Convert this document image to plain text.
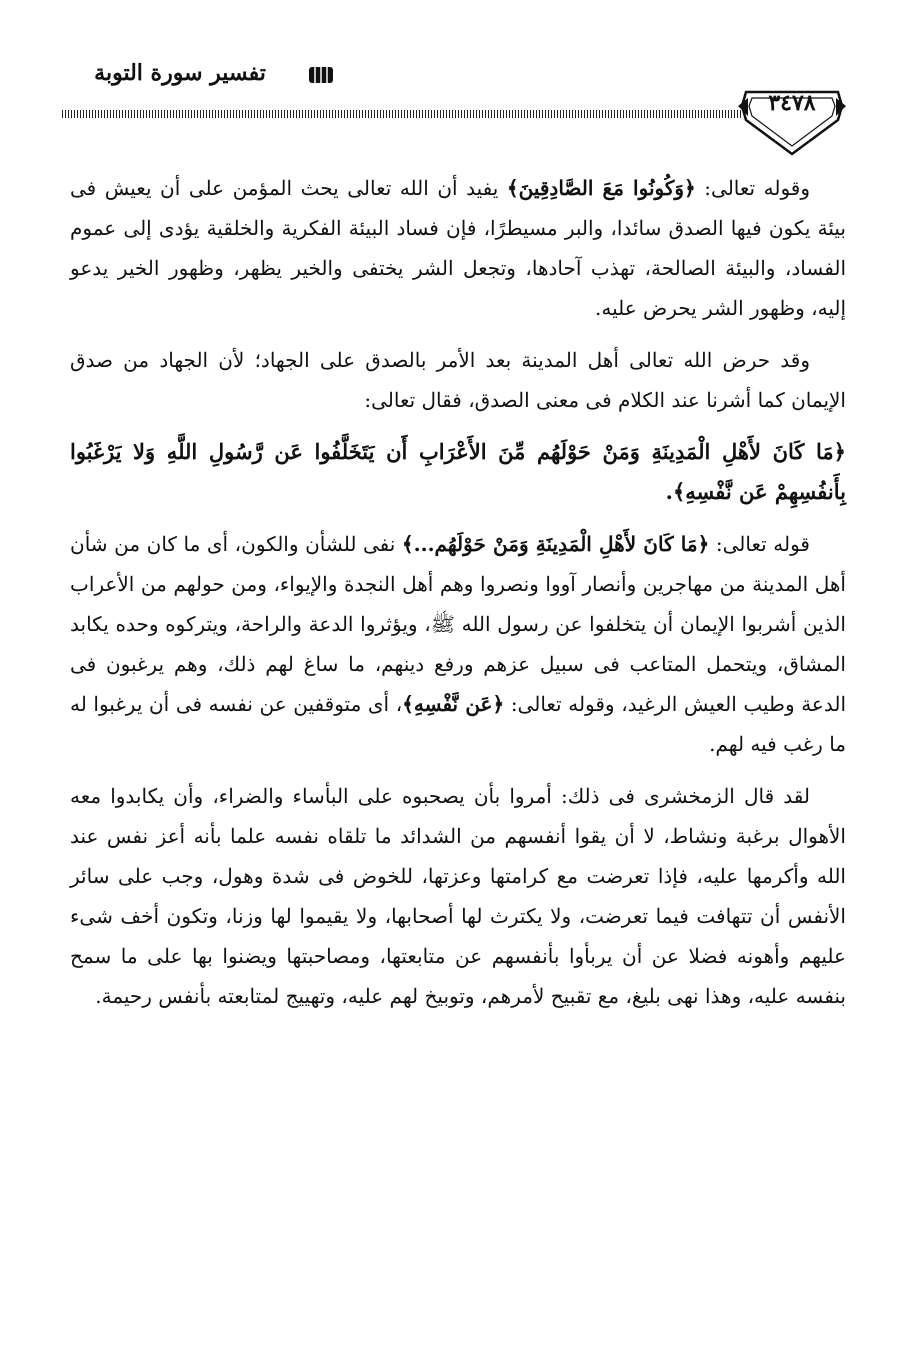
تفسير سورة التوبة
٣٤٧٨

وقوله تعالى: ﴿وَكُونُوا مَعَ الصَّادِقِينَ﴾ يفيد أن الله تعالى يحث المؤمن على أن يعيش فى بيئة يكون فيها الصدق سائدا، والبر مسيطرًا، فإن فساد البيئة الفكرية والخلقية يؤدى إلى عموم الفساد، والبيئة الصالحة، تهذب آحادها، وتجعل الشر يختفى والخير يظهر، وظهور الخير يدعو إليه، وظهور الشر يحرض عليه.

وقد حرض الله تعالى أهل المدينة بعد الأمر بالصدق على الجهاد؛ لأن الجهاد من صدق الإيمان كما أشرنا عند الكلام فى معنى الصدق، فقال تعالى:

﴿مَا كَانَ لأَهْلِ الْمَدِينَةِ وَمَنْ حَوْلَهُم مِّنَ الأَعْرَابِ أَن يَتَخَلَّفُوا عَن رَّسُولِ اللَّهِ وَلا يَرْغَبُوا بِأَنفُسِهِمْ عَن نَّفْسِهِ﴾.

قوله تعالى: ﴿مَا كَانَ لأَهْلِ الْمَدِينَةِ وَمَنْ حَوْلَهُم...﴾ نفى للشأن والكون، أى ما كان من شأن أهل المدينة من مهاجرين وأنصار آووا ونصروا وهم أهل النجدة والإيواء، ومن حولهم من الأعراب الذين أشربوا الإيمان أن يتخلفوا عن رسول الله ﷺ، ويؤثروا الدعة والراحة، ويتركوه وحده يكابد المشاق، ويتحمل المتاعب فى سبيل عزهم ورفع دينهم، ما ساغ لهم ذلك، وهم يرغبون فى الدعة وطيب العيش الرغيد، وقوله تعالى: ﴿عَن نَّفْسِهِ﴾، أى متوقفين عن نفسه فى أن يرغبوا له ما رغب فيه لهم.

لقد قال الزمخشرى فى ذلك: أمروا بأن يصحبوه على البأساء والضراء، وأن يكابدوا معه الأهوال برغبة ونشاط، لا أن يقوا أنفسهم من الشدائد ما تلقاه نفسه علما بأنه أعز نفس عند الله وأكرمها عليه، فإذا تعرضت مع كرامتها وعزتها، للخوض فى شدة وهول، وجب على سائر الأنفس أن تتهافت فيما تعرضت، ولا يكترث لها أصحابها، ولا يقيموا لها وزنا، وتكون أخف شىء عليهم وأهونه فضلا عن أن يربأوا بأنفسهم عن متابعتها، ومصاحبتها ويضنوا بها على ما سمح بنفسه عليه، وهذا نهى بليغ، مع تقبيح لأمرهم، وتوبيخ لهم عليه، وتهييج لمتابعته بأنفس رحيمة.
